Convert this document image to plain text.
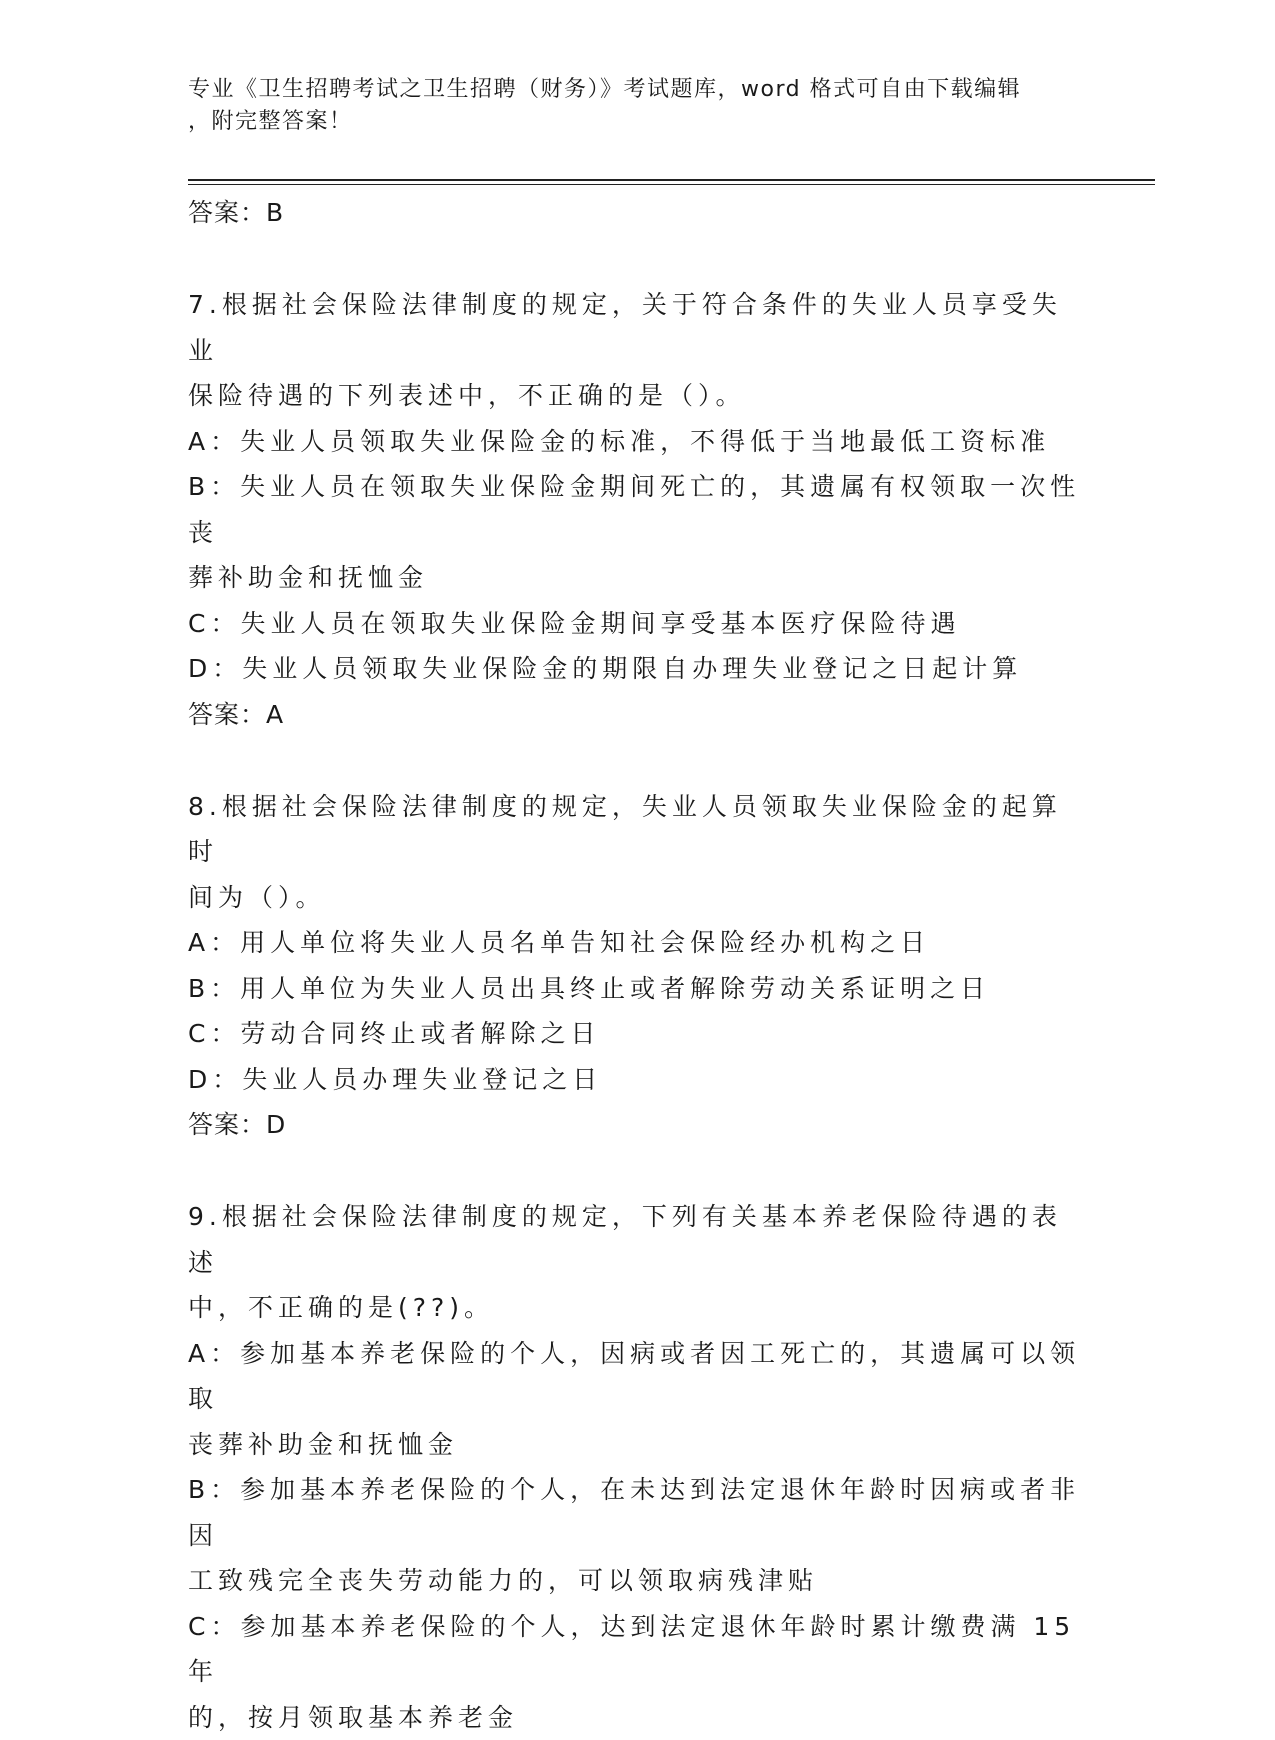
专业《卫生招聘考试之卫生招聘（财务）》考试题库，word 格式可自由下载编辑
，附完整答案！
答案：B

7.根据社会保险法律制度的规定，关于符合条件的失业人员享受失业
保险待遇的下列表述中，不正确的是（）。

A：失业人员领取失业保险金的标准，不得低于当地最低工资标准

B：失业人员在领取失业保险金期间死亡的，其遗属有权领取一次性丧
葬补助金和抚恤金

C：失业人员在领取失业保险金期间享受基本医疗保险待遇

D：失业人员领取失业保险金的期限自办理失业登记之日起计算

答案：A

8.根据社会保险法律制度的规定，失业人员领取失业保险金的起算时
间为（）。

A：用人单位将失业人员名单告知社会保险经办机构之日

B：用人单位为失业人员出具终止或者解除劳动关系证明之日

C：劳动合同终止或者解除之日

D：失业人员办理失业登记之日

答案：D

9.根据社会保险法律制度的规定，下列有关基本养老保险待遇的表述
中，不正确的是(??)。

A：参加基本养老保险的个人，因病或者因工死亡的，其遗属可以领取
丧葬补助金和抚恤金

B：参加基本养老保险的个人，在未达到法定退休年龄时因病或者非因
工致残完全丧失劳动能力的，可以领取病残津贴

C：参加基本养老保险的个人，达到法定退休年龄时累计缴费满 15 年
的，按月领取基本养老金
